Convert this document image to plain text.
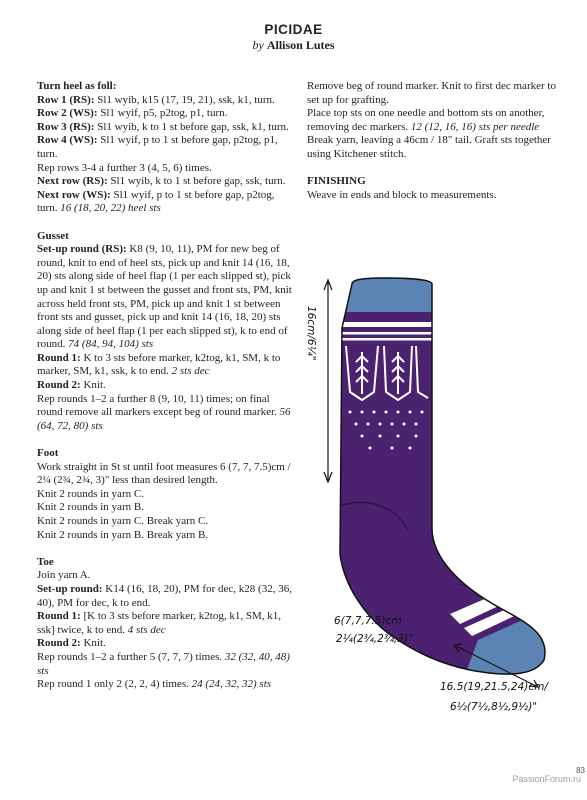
PICIDAE
by Allison Lutes
Turn heel as foll:
Row 1 (RS): Sl1 wyib, k15 (17, 19, 21), ssk, k1, turn.
Row 2 (WS): Sl1 wyif, p5, p2tog, p1, turn.
Row 3 (RS): Sl1 wyib, k to 1 st before gap, ssk, k1, turn.
Row 4 (WS): Sl1 wyif, p to 1 st before gap, p2tog, p1, turn.
Rep rows 3-4 a further 3 (4, 5, 6) times.
Next row (RS): Sl1 wyib, k to 1 st before gap, ssk, turn.
Next row (WS): Sl1 wyif, p to 1 st before gap, p2tog, turn. 16 (18, 20, 22) heel sts
Gusset
Set-up round (RS): K8 (9, 10, 11), PM for new beg of round, knit to end of heel sts, pick up and knit 14 (16, 18, 20) sts along side of heel flap (1 per each slipped st), pick up and knit 1 st between the gusset and front sts, PM, knit across held front sts, PM, pick up and knit 1 st between front sts and gusset, pick up and knit 14 (16, 18, 20) sts along side of heel flap (1 per each slipped st), k to end of round. 74 (84, 94, 104) sts
Round 1: K to 3 sts before marker, k2tog, k1, SM, k to marker, SM, k1, ssk, k to end. 2 sts dec
Round 2: Knit.
Rep rounds 1–2 a further 8 (9, 10, 11) times; on final round remove all markers except beg of round marker. 56 (64, 72, 80) sts
Foot
Work straight in St st until foot measures 6 (7, 7, 7.5)cm / 2¼ (2¾, 2¾, 3)" less than desired length.
Knit 2 rounds in yarn C.
Knit 2 rounds in yarn B.
Knit 2 rounds in yarn C. Break yarn C.
Knit 2 rounds in yarn B. Break yarn B.
Toe
Join yarn A.
Set-up round: K14 (16, 18, 20), PM for dec, k28 (32, 36, 40), PM for dec, k to end.
Round 1: [K to 3 sts before marker, k2tog, k1, SM, k1, ssk] twice, k to end. 4 sts dec
Round 2: Knit.
Rep rounds 1–2 a further 5 (7, 7, 7) times. 32 (32, 40, 48) sts
Rep round 1 only 2 (2, 2, 4) times. 24 (24, 32, 32) sts
Remove beg of round marker. Knit to first dec marker to set up for grafting.
Place top sts on one needle and bottom sts on another, removing dec markers. 12 (12, 16, 16) sts per needle
Break yarn, leaving a 46cm / 18" tail. Graft sts together using Kitchener stitch.
FINISHING
Weave in ends and block to measurements.
16cm/6¼"
6(7,7,7.5)cm
2¼(2¾,2¾,3)"
16.5(19,21.5,24)cm/
6½(7½,8½,9½)"
PassionForum.ru
83
